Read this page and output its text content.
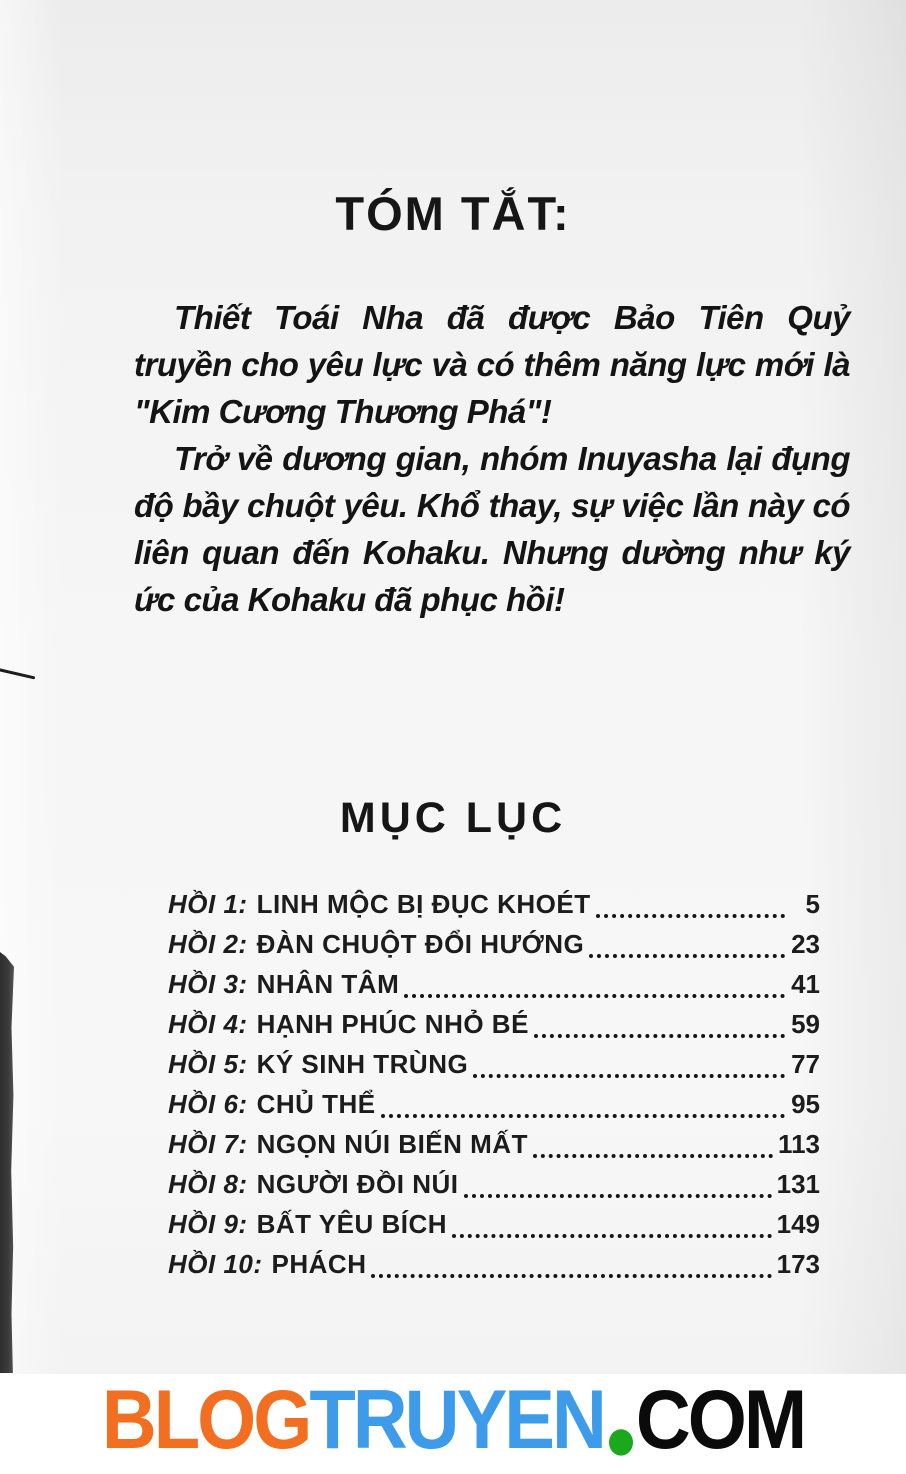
TÓM TẮT:

Thiết Toái Nha đã được Bảo Tiên Quỷ truyền cho yêu lực và có thêm năng lực mới là "Kim Cương Thương Phá"!

Trở về dương gian, nhóm Inuyasha lại đụng độ bầy chuột yêu. Khổ thay, sự việc lần này có liên quan đến Kohaku. Nhưng dường như ký ức của Kohaku đã phục hồi!

MỤC LỤC
HỒI 1: LINH MỘC BỊ ĐỤC KHOÉT	5
HỒI 2: ĐÀN CHUỘT ĐỔI HƯỚNG	23
HỒI 3: NHÂN TÂM	41
HỒI 4: HẠNH PHÚC NHỎ BÉ	59
HỒI 5: KÝ SINH TRÙNG	77
HỒI 6: CHỦ THỂ	95
HỒI 7: NGỌN NÚI BIẾN MẤT	113
HỒI 8: NGƯỜI ĐỒI NÚI	131
HỒI 9: BẤT YÊU BÍCH	149
HỒI 10: PHÁCH	173
BLOG TRUYEN COM
